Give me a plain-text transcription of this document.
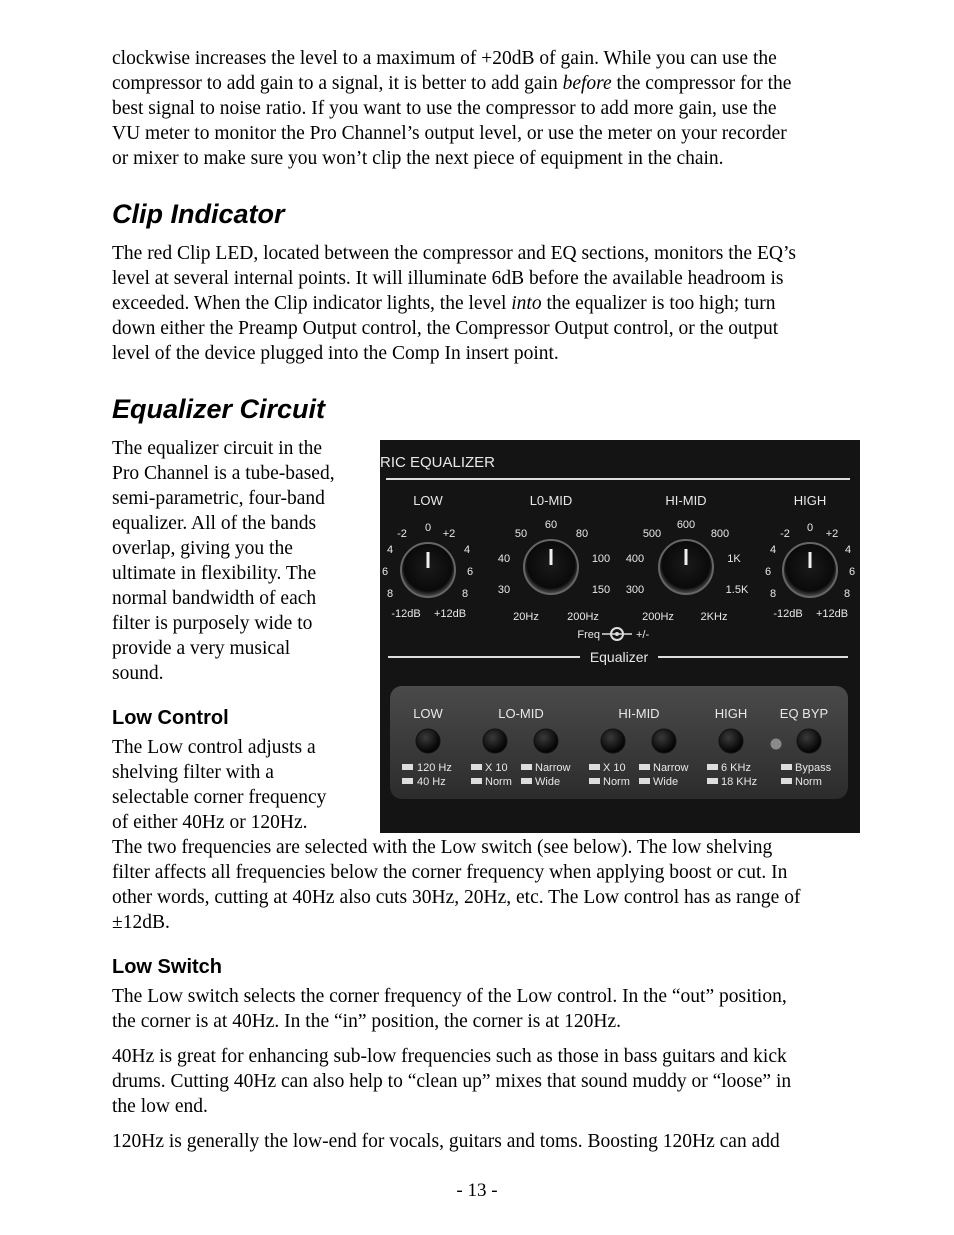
clockwise increases the level to a maximum of +20dB of gain. While you can use the
compressor to add gain to a signal, it is better to add gain before the compressor for the
best signal to noise ratio. If you want to use the compressor to add more gain, use the
VU meter to monitor the Pro Channel’s output level, or use the meter on your recorder
or mixer to make sure you won’t clip the next piece of equipment in the chain.
Clip Indicator
The red Clip LED, located between the compressor and EQ sections, monitors the EQ’s
level at several internal points. It will illuminate 6dB before the available headroom is
exceeded. When the Clip indicator lights, the level into the equalizer is too high; turn
down either the Preamp Output control, the Compressor Output control, or the output
level of the device plugged into the Comp In insert point.
Equalizer Circuit
The equalizer circuit in the
Pro Channel is a tube-based,
semi-parametric, four-band
equalizer. All of the bands
overlap, giving you the
ultimate in flexibility. The
normal bandwidth of each
filter is purposely wide to
provide a very musical
sound.
Low Control
The Low control adjusts a
shelving filter with a
selectable corner frequency
of either 40Hz or 120Hz.
The two frequencies are selected with the Low switch (see below). The low shelving
filter affects all frequencies below the corner frequency when applying boost or cut. In
other words, cutting at 40Hz also cuts 30Hz, 20Hz, etc. The Low control has as range of
±12dB.
Low Switch
The Low switch selects the corner frequency of the Low control. In the “out” position,
the corner is at 40Hz. In the “in” position, the corner is at 120Hz.
40Hz is great for enhancing sub-low frequencies such as those in bass guitars and kick
drums. Cutting 40Hz can also help to “clean up” mixes that sound muddy or “loose” in
the low end.
120Hz is generally the low-end for vocals, guitars and toms. Boosting 120Hz can add
- 13 -
RIC EQUALIZER
LOW
-2 0 +2
4	4
6	6
8	8
-12dB +12dB
L0-MID
60
50	80
40	100
30	150
20Hz	200Hz
HI-MID
600
500	800
400	1K
300	1.5K
200Hz 2KHz
HIGH
-2 0 +2
4	4
6	6
8	8
-12dB +12dB
Freq	+/-
Equalizer
LOW	LO-MID	HI-MID	HIGH	EQ BYP
120 Hz
40 Hz
X 10
Norm
Narrow
Wide
X 10
Norm
Narrow
Wide
6 KHz
18 KHz
Bypass
Norm
